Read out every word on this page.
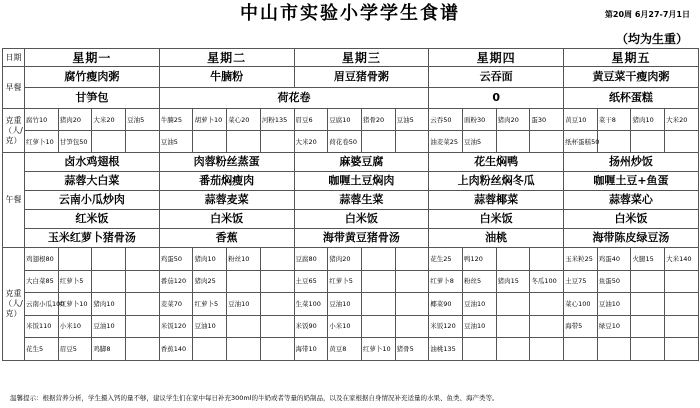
中山市实验小学学生食谱	第20周 6月27-7月1日
（均为生重）
日期	星期一				星期二				星期三				星期四				星期五			
早餐	腐竹瘦肉粥				牛腩粉				眉豆猪骨粥				云吞面				黄豆菜干瘦肉粥			
	甘笋包				荷花卷								0				纸杯蛋糕			
克重（人/克）	腐竹10	猪肉20	大米20	豆油5	牛腩25	胡萝卜10	菜心20	河粉135	眉豆6	豆腐10	猪骨20	豆油5	云吞50	面粉30	猪肉20	蛋30	黄豆10	菜干8	猪肉10	大米20
	红萝卜10	甘笋包50			豆油5				大米20	荷花卷50			油麦菜25	豆油5			纸杯蛋糕50			
午餐	卤水鸡翅根				肉蓉粉丝蒸蛋				麻婆豆腐				花生焖鸭				扬州炒饭			
	蒜蓉大白菜				番茄焖瘦肉				咖喱土豆焖肉				上肉粉丝焖冬瓜				咖喱土豆+鱼蛋			
	云南小瓜炒肉				蒜蓉麦菜				蒜蓉生菜				蒜蓉椰菜				蒜蓉菜心			
	红米饭				白米饭				白米饭				白米饭				白米饭			
	玉米红萝卜猪骨汤				香蕉				海带黄豆猪骨汤				油桃				海带陈皮绿豆汤			
克重（人/克）	鸡翅根80				鸡蛋50	猪肉10	粉丝10		豆腐80	猪肉20			花生25	鸭120			玉米粒25	鸡蛋40	火腿15	大米140
	大白菜85	红萝卜5			番茄120	猪肉25			土豆65	红萝卜5			红萝卜8	粉丝5	猪肉15	冬瓜100	土豆75	鱼蛋50		
	云南小瓜100	红萝卜10	猪肉10		麦菜70	红萝卜5	豆油10		生菜100	豆油10			椰菜90	豆油10			菜心100	豆油10		
	米饭110	小米10	豆油10		米饭120	豆油10			米饭90	小米10			米饭120	豆油10			海带5	绿豆10		
	花生5	眉豆5	鸡脚8		香蕉140				海带10	黄豆8	红萝卜10	猪骨5	油桃135							
温馨提示：根据营养分析，学生摄入钙的量不够，建议学生们在家中每日补充300ml的牛奶或者等量的奶制品，以及在家根据自身情况补充适量的水果、鱼类、海产类等。
